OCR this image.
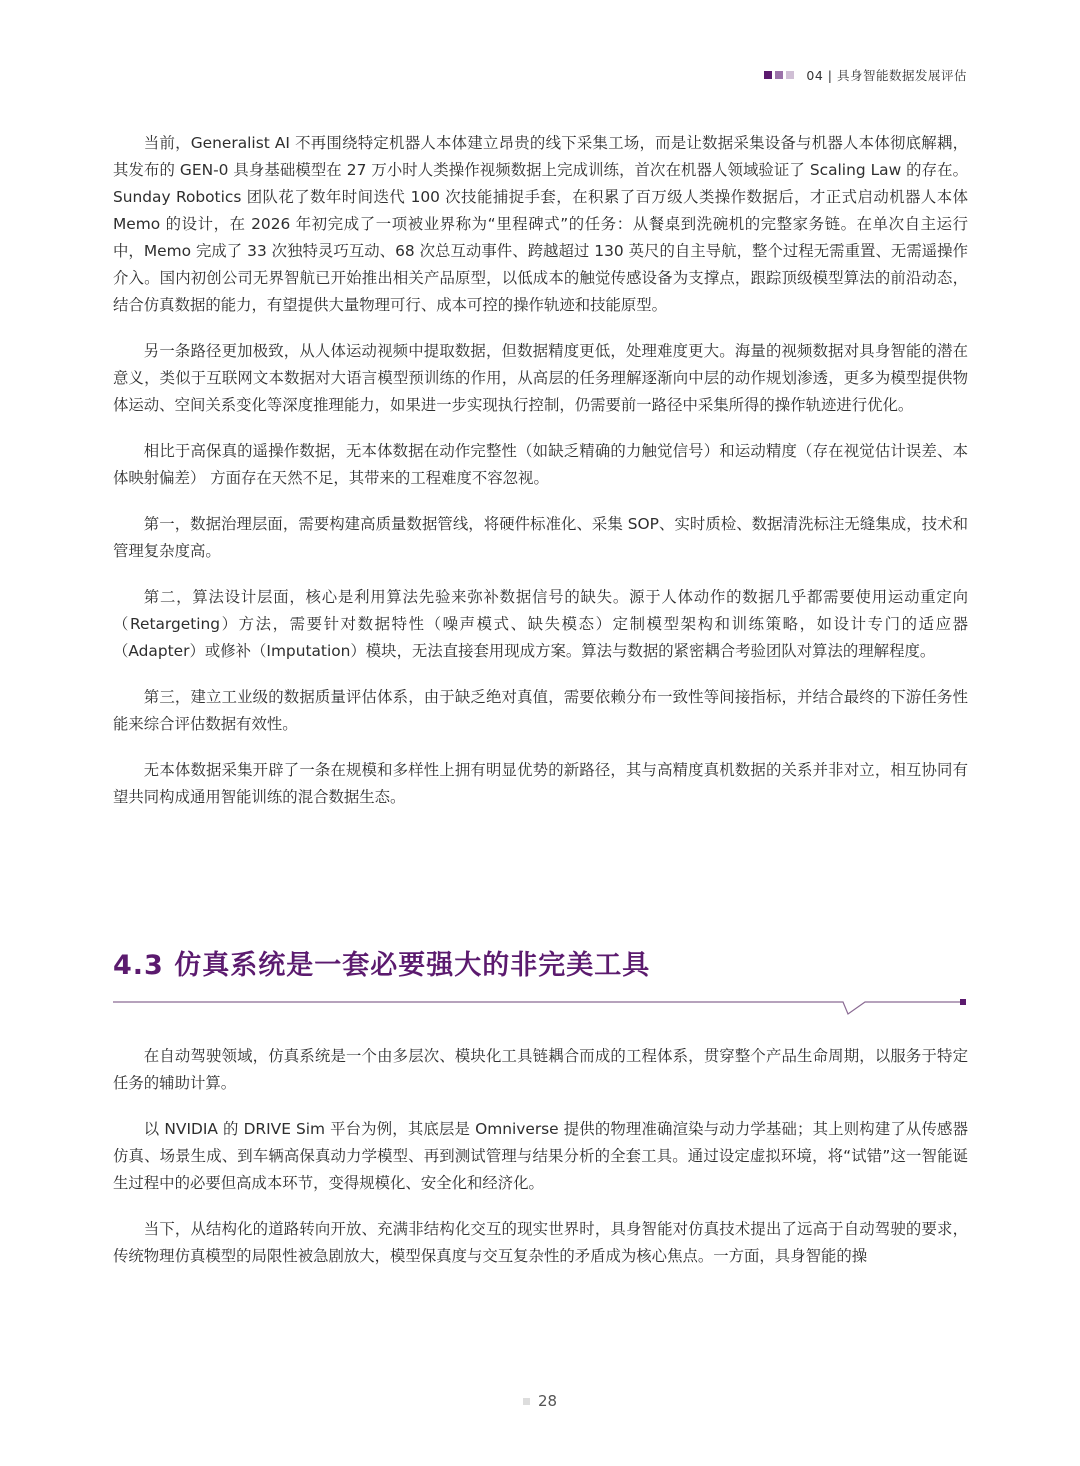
04 | 具身智能数据发展评估

当前，Generalist AI 不再围绕特定机器人本体建立昂贵的线下采集工场，而是让数据采集设备与机器人本体彻底解耦，其发布的 GEN-0 具身基础模型在 27 万小时人类操作视频数据上完成训练，首次在机器人领域验证了 Scaling Law 的存在。Sunday Robotics 团队花了数年时间迭代 100 次技能捕捉手套，在积累了百万级人类操作数据后，才正式启动机器人本体 Memo 的设计，在 2026 年初完成了一项被业界称为“里程碑式”的任务：从餐桌到洗碗机的完整家务链。在单次自主运行中，Memo 完成了 33 次独特灵巧互动、68 次总互动事件、跨越超过 130 英尺的自主导航，整个过程无需重置、无需遥操作介入。国内初创公司无界智航已开始推出相关产品原型，以低成本的触觉传感设备为支撑点，跟踪顶级模型算法的前沿动态，结合仿真数据的能力，有望提供大量物理可行、成本可控的操作轨迹和技能原型。

另一条路径更加极致，从人体运动视频中提取数据，但数据精度更低，处理难度更大。海量的视频数据对具身智能的潜在意义，类似于互联网文本数据对大语言模型预训练的作用，从高层的任务理解逐渐向中层的动作规划渗透，更多为模型提供物体运动、空间关系变化等深度推理能力，如果进一步实现执行控制，仍需要前一路径中采集所得的操作轨迹进行优化。

相比于高保真的遥操作数据，无本体数据在动作完整性（如缺乏精确的力触觉信号）和运动精度（存在视觉估计误差、本体映射偏差） 方面存在天然不足，其带来的工程难度不容忽视。

第一，数据治理层面，需要构建高质量数据管线，将硬件标准化、采集 SOP、实时质检、数据清洗标注无缝集成，技术和管理复杂度高。

第二，算法设计层面，核心是利用算法先验来弥补数据信号的缺失。源于人体动作的数据几乎都需要使用运动重定向（Retargeting）方法，需要针对数据特性（噪声模式、缺失模态）定制模型架构和训练策略，如设计专门的适应器（Adapter）或修补（Imputation）模块，无法直接套用现成方案。算法与数据的紧密耦合考验团队对算法的理解程度。

第三，建立工业级的数据质量评估体系，由于缺乏绝对真值，需要依赖分布一致性等间接指标，并结合最终的下游任务性能来综合评估数据有效性。

无本体数据采集开辟了一条在规模和多样性上拥有明显优势的新路径，其与高精度真机数据的关系并非对立，相互协同有望共同构成通用智能训练的混合数据生态。

4.3 仿真系统是一套必要强大的非完美工具

在自动驾驶领域，仿真系统是一个由多层次、模块化工具链耦合而成的工程体系，贯穿整个产品生命周期，以服务于特定任务的辅助计算。

以 NVIDIA 的 DRIVE Sim 平台为例，其底层是 Omniverse 提供的物理准确渲染与动力学基础；其上则构建了从传感器仿真、场景生成、到车辆高保真动力学模型、再到测试管理与结果分析的全套工具。通过设定虚拟环境，将“试错”这一智能诞生过程中的必要但高成本环节，变得规模化、安全化和经济化。

当下，从结构化的道路转向开放、充满非结构化交互的现实世界时，具身智能对仿真技术提出了远高于自动驾驶的要求，传统物理仿真模型的局限性被急剧放大，模型保真度与交互复杂性的矛盾成为核心焦点。一方面，具身智能的操

28
